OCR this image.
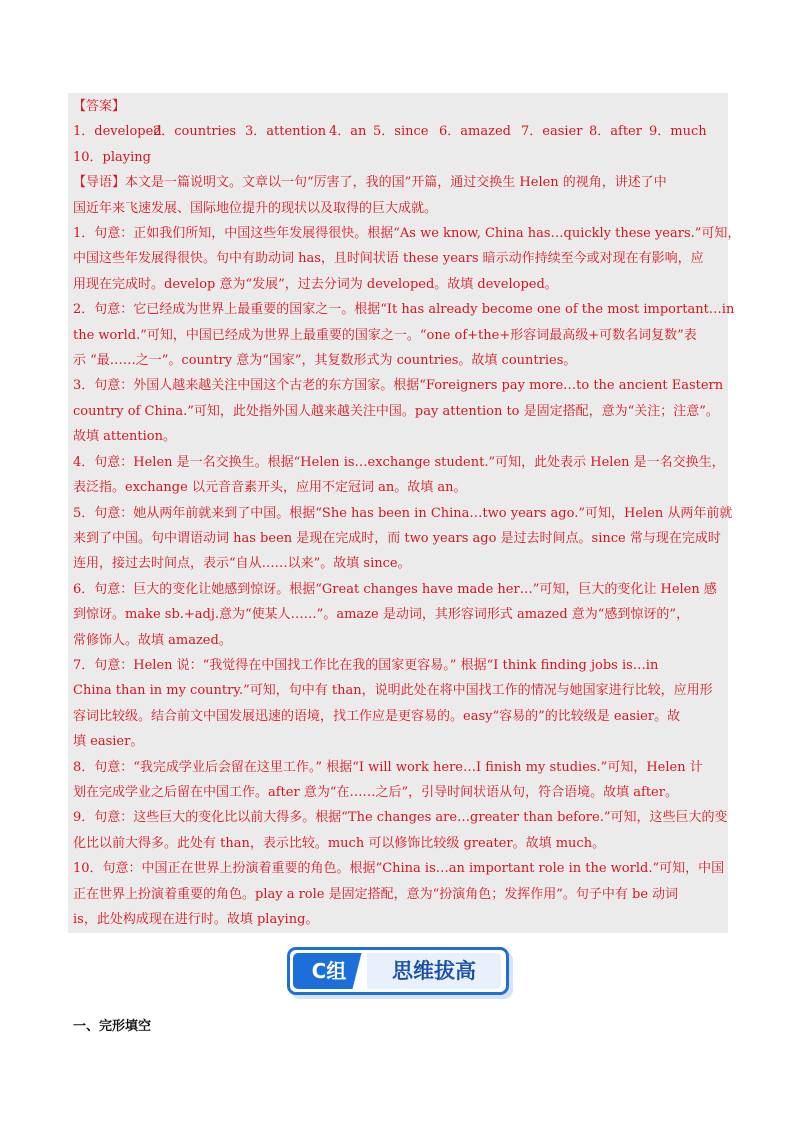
【答案】

1．developed2．countries 3．attention 4．an 5．since 6．amazed 7．easier 8．after 9．much

10．playing

【导语】本文是一篇说明文。文章以一句“厉害了，我的国”开篇，通过交换生 Helen 的视角，讲述了中

国近年来飞速发展、国际地位提升的现状以及取得的巨大成就。

1．句意：正如我们所知，中国这些年发展得很快。根据“As we know, China has…quickly these years.”可知，

中国这些年发展得很快。句中有助动词 has，且时间状语 these years 暗示动作持续至今或对现在有影响，应

用现在完成时。develop 意为“发展”，过去分词为 developed。故填 developed。

2．句意：它已经成为世界上最重要的国家之一。根据“It has already become one of the most important…in

the world.”可知，中国已经成为世界上最重要的国家之一。“one of+the+形容词最高级+可数名词复数”表

示 “最……之一”。country 意为“国家”，其复数形式为 countries。故填 countries。

3．句意：外国人越来越关注中国这个古老的东方国家。根据“Foreigners pay more…to the ancient Eastern

country of China.”可知，此处指外国人越来越关注中国。pay attention to 是固定搭配，意为“关注；注意”。

故填 attention。

4．句意：Helen 是一名交换生。根据“Helen is…exchange student.”可知，此处表示 Helen 是一名交换生，

表泛指。exchange 以元音音素开头，应用不定冠词 an。故填 an。

5．句意：她从两年前就来到了中国。根据“She has been in China…two years ago.”可知，Helen 从两年前就

来到了中国。句中谓语动词 has been 是现在完成时，而 two years ago 是过去时间点。since 常与现在完成时

连用，接过去时间点，表示“自从……以来”。故填 since。

6．句意：巨大的变化让她感到惊讶。根据“Great changes have made her…”可知，巨大的变化让 Helen 感

到惊讶。make sb.+adj.意为“使某人……”。amaze 是动词，其形容词形式 amazed 意为“感到惊讶的”，

常修饰人。故填 amazed。

7．句意：Helen 说：“我觉得在中国找工作比在我的国家更容易。” 根据“I think finding jobs is…in

China than in my country.”可知，句中有 than，说明此处在将中国找工作的情况与她国家进行比较，应用形

容词比较级。结合前文中国发展迅速的语境，找工作应是更容易的。easy“容易的”的比较级是 easier。故

填 easier。

8．句意：“我完成学业后会留在这里工作。” 根据“I will work here…I finish my studies.”可知，Helen 计

划在完成学业之后留在中国工作。after 意为“在……之后”，引导时间状语从句，符合语境。故填 after。

9．句意：这些巨大的变化比以前大得多。根据“The changes are…greater than before.”可知，这些巨大的变

化比以前大得多。此处有 than，表示比较。much 可以修饰比较级 greater。故填 much。

10．句意：中国正在世界上扮演着重要的角色。根据“China is…an important role in the world.”可知，中国

正在世界上扮演着重要的角色。play a role 是固定搭配，意为“扮演角色；发挥作用”。句子中有 be 动词

is，此处构成现在进行时。故填 playing。

C组	思维拔高
一、完形填空
